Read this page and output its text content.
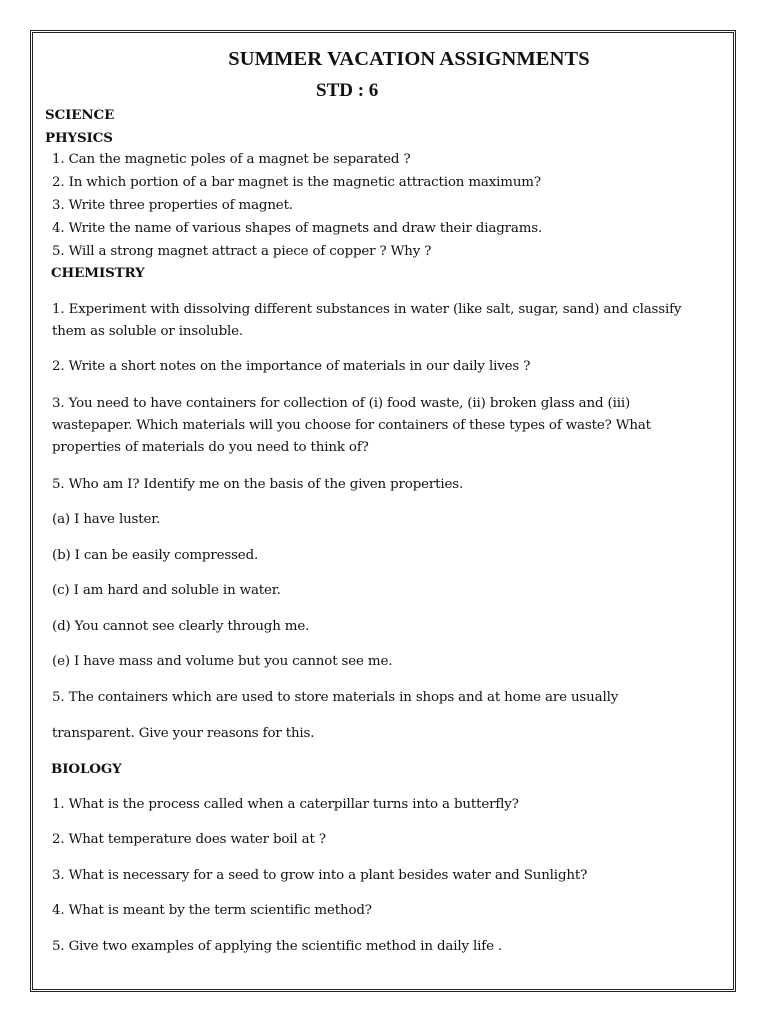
SUMMER VACATION ASSIGNMENTS
STD : 6
SCIENCE
PHYSICS
1. Can the magnetic poles of a magnet be separated ?
2. In which portion of a bar magnet is the magnetic attraction maximum?
3. Write three properties of magnet.
4. Write the name of various shapes of magnets and draw their diagrams.
5. Will a strong magnet attract a piece of copper ? Why ?
CHEMISTRY
1. Experiment with dissolving different substances in water (like salt, sugar, sand) and classify
them as soluble or insoluble.
2. Write a short notes on the importance of materials in our daily lives ?
3. You need to have containers for collection of (i) food waste, (ii) broken glass and (iii)
wastepaper. Which materials will you choose for containers of these types of waste? What
properties of materials do you need to think of?
5. Who am I? Identify me on the basis of the given properties.
(a) I have luster.
(b) I can be easily compressed.
(c) I am hard and soluble in water.
(d) You cannot see clearly through me.
(e) I have mass and volume but you cannot see me.
5. The containers which are used to store materials in shops and at home are usually
transparent. Give your reasons for this.
BIOLOGY
1. What is the process called when a caterpillar turns into a butterfly?
2. What temperature does water boil at ?
3. What is necessary for a seed to grow into a plant besides water and Sunlight?
4. What is meant by the term scientific method?
5. Give two examples of applying the scientific method in daily life .
